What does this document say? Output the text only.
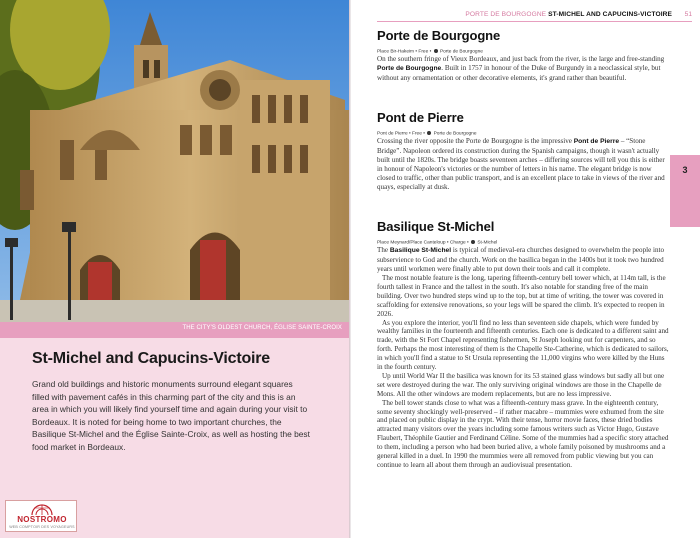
THE CITY'S OLDEST CHURCH, ÉGLISE SAINTE-CROIX
St-Michel and Capucins-Victoire
Grand old buildings and historic monuments surround elegant squares filled with pavement cafés in this charming part of the city and this is an area in which you will likely find yourself time and again during your visit to Bordeaux. It is noted for being home to two important churches, the Basilique St-Michel and the Église Sainte-Croix, as well as hosting the best food market in Bordeaux.
NOSTROMO
WEB COMPTOIR DES VOYAGEURS
PORTE DE BOURGOGNE ST-MICHEL AND CAPUCINS-VICTOIRE 51
3
Porte de Bourgogne
Place Bir-Hakeim • Free • Porte de Bourgogne

On the southern fringe of Vieux Bordeaux, and just back from the river, is the large and free-standing Porte de Bourgogne. Built in 1757 in honour of the Duke of Burgundy in a neoclassical style, but without any ornamentation or other decorative elements, it's grand rather than beautiful.

Pont de Pierre
Pont de Pierre • Free • Porte de Bourgogne

Crossing the river opposite the Porte de Bourgogne is the impressive Pont de Pierre – “Stone Bridge”. Napoleon ordered its construction during the Spanish campaigns, though it wasn't actually built until the 1820s. The bridge boasts seventeen arches – differing sources will tell you this is either in honour of Napoleon's victories or the number of letters in his name. The elegant bridge is now closed to traffic, other than public transport, and is an excellent place to take in views of the river and quays, especially at dusk.

Basilique St-Michel
Place Meynard/Place Canteloup • Charge • St-Michel

The Basilique St-Michel is typical of medieval-era churches designed to overwhelm the people into subservience to God and the church. Work on the basilica began in the 1400s but it took two hundred years until workmen were finally able to put down their tools and call it complete.

The most notable feature is the long, tapering fifteenth-century bell tower which, at 114m tall, is the fourth tallest in France and the tallest in the south. It's also notable for standing free of the main building. Over two hundred steps wind up to the top, but at time of writing, the tower was covered in scaffolding for extensive renovations, so your legs will be spared the climb. It's expected to reopen in 2026.

As you explore the interior, you'll find no less than seventeen side chapels, which were funded by wealthy families in the fourteenth and fifteenth centuries. Each one is dedicated to a different saint and trade, with the St Fort Chapel representing fishermen, St Joseph looking out for carpenters, and so forth. Perhaps the most interesting of them is the Chapelle Ste-Catherine, which is dedicated to sailors, in which you'll find a statue to St Ursula representing the 11,000 virgins who were killed by the Huns in the fourth century.

Up until World War II the basilica was known for its 53 stained glass windows but sadly all but one set were destroyed during the war. The only surviving original windows are those in the Chapelle de Mons. All the other windows are modern replacements, but are no less impressive.

The bell tower stands close to what was a fifteenth-century mass grave. In the eighteenth century, some seventy shockingly well-preserved – if rather macabre – mummies were exhumed from the site and placed on public display in the crypt. With their tense, horror movie faces, these dried bodies attracted many visitors over the years including some famous writers such as Victor Hugo, Gustave Flaubert, Théophile Gautier and Ferdinand Céline. Some of the mummies had a specific story attached to them, including a person who had been buried alive, a whole family poisoned by mushrooms and a general killed in a duel. In 1990 the mummies were all removed from public viewing but you can continue to learn all about them through an audiovisual presentation.
